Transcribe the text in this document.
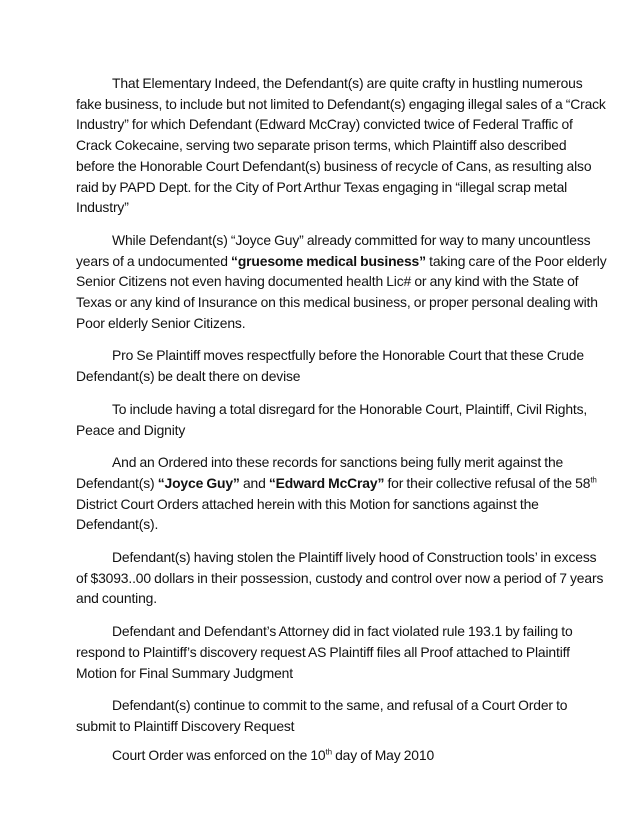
That Elementary Indeed, the Defendant(s) are quite crafty in hustling numerous fake business, to include but not limited to Defendant(s) engaging illegal sales of a “Crack Industry” for which Defendant (Edward McCray) convicted twice of Federal Traffic of Crack Cokecaine, serving two separate prison terms, which Plaintiff also described before the Honorable Court Defendant(s) business of recycle of Cans, as resulting also raid by PAPD Dept. for the City of Port Arthur Texas engaging in “illegal scrap metal Industry”

While Defendant(s) “Joyce Guy” already committed for way to many uncountless years of a undocumented “gruesome medical business” taking care of the Poor elderly Senior Citizens not even having documented health Lic# or any kind with the State of Texas or any kind of Insurance on this medical business, or proper personal dealing with Poor elderly Senior Citizens.

Pro Se Plaintiff moves respectfully before the Honorable Court that these Crude Defendant(s) be dealt there on devise

To include having a total disregard for the Honorable Court, Plaintiff, Civil Rights, Peace and Dignity

And an Ordered into these records for sanctions being fully merit against the Defendant(s) “Joyce Guy” and “Edward McCray” for their collective refusal of the 58th District Court Orders attached herein with this Motion for sanctions against the Defendant(s).

Defendant(s) having stolen the Plaintiff lively hood of Construction tools’ in excess of $3093..00 dollars in their possession, custody and control over now a period of 7 years and counting.

Defendant and Defendant’s Attorney did in fact violated rule 193.1 by failing to respond to Plaintiff’s discovery request AS Plaintiff files all Proof attached to Plaintiff Motion for Final Summary Judgment

Defendant(s) continue to commit to the same, and refusal of a Court Order to submit to Plaintiff Discovery Request

Court Order was enforced on the 10th day of May 2010
